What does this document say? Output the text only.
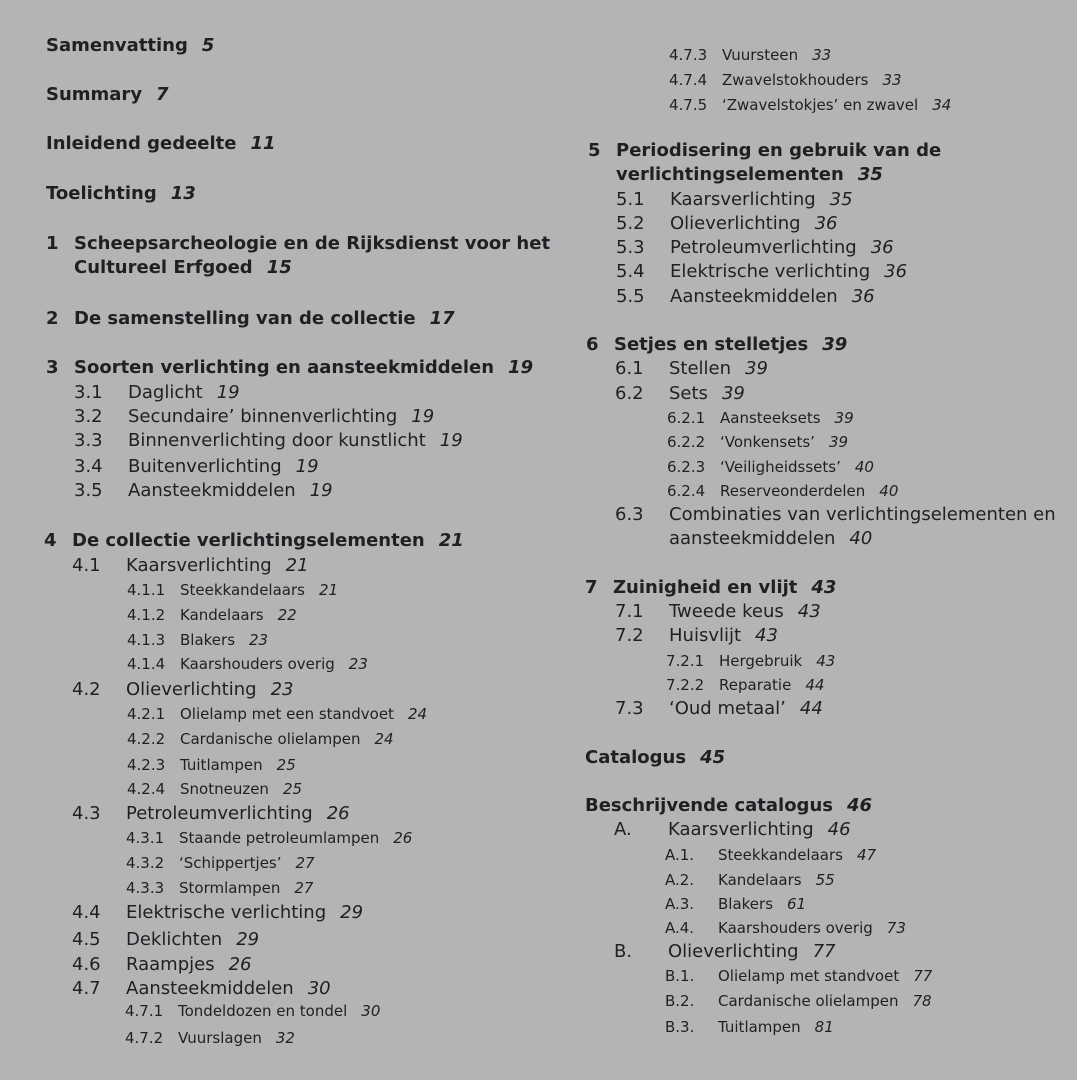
Samenvatting 5
Summary 7
Inleidend gedeelte 11
Toelichting 13
1 Scheepsarcheologie en de Rijksdienst voor het
Cultureel Erfgoed 15
2 De samenstelling van de collectie 17
3 Soorten verlichting en aansteekmiddelen 19
3.1	Daglicht 19
3.2	Secundaire’ binnenverlichting 19
3.3	Binnenverlichting door kunstlicht 19
3.4	Buitenverlichting 19
3.5	Aansteekmiddelen 19
4 De collectie verlichtingselementen 21
4.1	Kaarsverlichting 21
4.1.1 Steekkandelaars 21
4.1.2 Kandelaars 22
4.1.3 Blakers 23
4.1.4 Kaarshouders overig 23
4.2	Olieverlichting 23
4.2.1 Olielamp met een standvoet 24
4.2.2 Cardanische olielampen 24
4.2.3 Tuitlampen 25
4.2.4 Snotneuzen 25
4.3	Petroleumverlichting 26
4.3.1 Staande petroleumlampen 26
4.3.2 ‘Schippertjes’ 27
4.3.3 Stormlampen 27
4.4	Elektrische verlichting 29
4.5	Deklichten 29
4.6	Raampjes 26
4.7	Aansteekmiddelen 30
4.7.1 Tondeldozen en tondel 30
4.7.2 Vuurslagen 32
4.7.3 Vuursteen 33
4.7.4 Zwavelstokhouders 33
4.7.5 ‘Zwavelstokjes’ en zwavel 34
5 Periodisering en gebruik van de
verlichtingselementen 35
5.1	Kaarsverlichting 35
5.2	Olieverlichting 36
5.3	Petroleumverlichting 36
5.4	Elektrische verlichting 36
5.5	Aansteekmiddelen 36
6 Setjes en stelletjes 39
6.1	Stellen 39
6.2	Sets 39
6.2.1 Aansteeksets 39
6.2.2 ‘Vonkensets’ 39
6.2.3 ‘Veiligheidssets’ 40
6.2.4 Reserveonderdelen 40
6.3	Combinaties van verlichtingselementen en
aansteekmiddelen 40
7 Zuinigheid en vlijt 43
7.1	Tweede keus 43
7.2	Huisvlijt 43
7.2.1 Hergebruik 43
7.2.2 Reparatie 44
7.3	‘Oud metaal’ 44
Catalogus 45
Beschrijvende catalogus 46
A.	Kaarsverlichting 46
A.1.	Steekkandelaars 47
A.2.	Kandelaars 55
A.3.	Blakers 61
A.4.	Kaarshouders overig 73
B.	Olieverlichting 77
B.1.	Olielamp met standvoet 77
B.2.	Cardanische olielampen 78
B.3.	Tuitlampen 81
